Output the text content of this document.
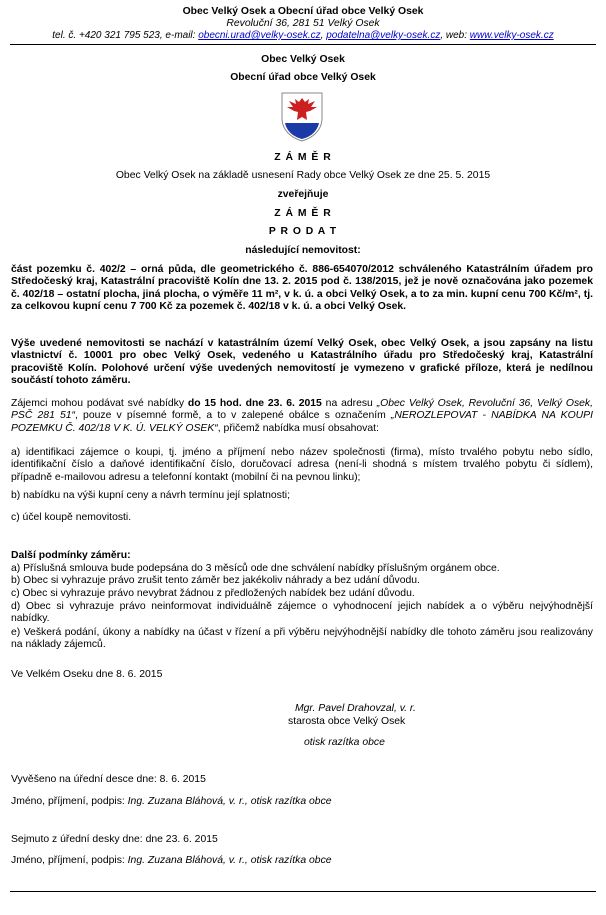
Obec Velký Osek a Obecní úřad obce Velký Osek
Revoluční 36, 281 51 Velký Osek
tel. č. +420 321 795 523, e-mail: obecni.urad@velky-osek.cz, podatelna@velky-osek.cz, web: www.velky-osek.cz
Obec Velký Osek
Obecní úřad obce Velký Osek
Z Á M Ě R
Obec Velký Osek na základě usnesení Rady obce Velký Osek ze dne 25. 5. 2015
zveřejňuje
Z Á M Ě R
P R O D A T
následující nemovitost:

část pozemku č. 402/2 – orná půda, dle geometrického č. 886-654070/2012 schváleného Katastrálním úřadem pro Středočeský kraj, Katastrální pracoviště Kolín dne 13. 2. 2015 pod č. 138/2015, jež je nově označována jako pozemek č. 402/18 – ostatní plocha, jiná plocha, o výměře 11 m², v k. ú. a obci Velký Osek, a to za min. kupní cenu 700 Kč/m², tj. za celkovou kupní cenu 7 700 Kč za pozemek č. 402/18 v k. ú. a obci Velký Osek.

Výše uvedené nemovitosti se nachází v katastrálním území Velký Osek, obec Velký Osek, a jsou zapsány na listu vlastnictví č. 10001 pro obec Velký Osek, vedeného u Katastrálního úřadu pro Středočeský kraj, Katastrální pracoviště Kolín. Polohové určení výše uvedených nemovitostí je vymezeno v grafické příloze, která je nedílnou součástí tohoto záměru.

Zájemci mohou podávat své nabídky do 15 hod. dne 23. 6. 2015 na adresu „Obec Velký Osek, Revoluční 36, Velký Osek, PSČ 281 51“, pouze v písemné formě, a to v zalepené obálce s označením „NEROZLEPOVAT - NABÍDKA NA KOUPI POZEMKU Č. 402/18 V K. Ú. VELKÝ OSEK“, přičemž nabídka musí obsahovat:

a) identifikaci zájemce o koupi, tj. jméno a příjmení nebo název společnosti (firma), místo trvalého pobytu nebo sídlo, identifikační číslo a daňové identifikační číslo, doručovací adresa (není-li shodná s místem trvalého pobytu či sídlem), případně e-mailovou adresu a telefonní kontakt (mobilní či na pevnou linku);

b) nabídku na výši kupní ceny a návrh termínu její splatnosti;

c) účel koupě nemovitosti.

Další podmínky záměru:

a) Příslušná smlouva bude podepsána do 3 měsíců ode dne schválení nabídky příslušným orgánem obce.

b) Obec si vyhrazuje právo zrušit tento záměr bez jakékoliv náhrady a bez udání důvodu.

c) Obec si vyhrazuje právo nevybrat žádnou z předložených nabídek bez udání důvodu.

d) Obec si vyhrazuje právo neinformovat individuálně zájemce o vyhodnocení jejich nabídek a o výběru nejvýhodnější nabídky.

e) Veškerá podání, úkony a nabídky na účast v řízení a při výběru nejvýhodnější nabídky dle tohoto záměru jsou realizovány na náklady zájemců.

Ve Velkém Oseku dne 8. 6. 2015
Mgr. Pavel Drahovzal, v. r.
starosta obce Velký Osek
otisk razítka obce
Vyvěšeno na úřední desce dne: 8. 6. 2015
Jméno, příjmení, podpis: Ing. Zuzana Bláhová, v. r., otisk razítka obce
Sejmuto z úřední desky dne: dne 23. 6. 2015
Jméno, příjmení, podpis: Ing. Zuzana Bláhová, v. r., otisk razítka obce
